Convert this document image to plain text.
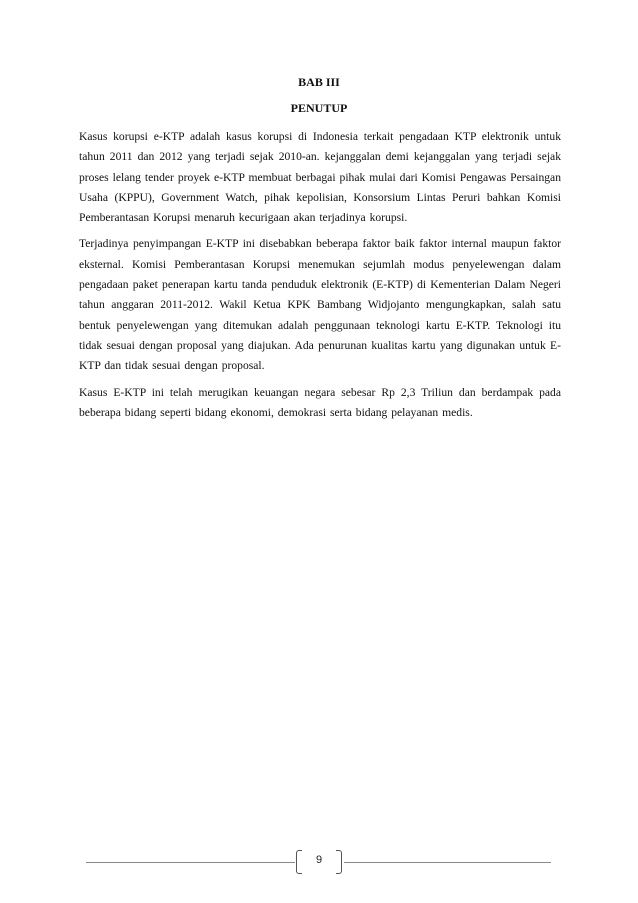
BAB III
PENUTUP

Kasus korupsi e-KTP adalah kasus korupsi di Indonesia terkait pengadaan KTP elektronik untuk tahun 2011 dan 2012 yang terjadi sejak 2010-an. kejanggalan demi kejanggalan yang terjadi sejak proses lelang tender proyek e-KTP membuat berbagai pihak mulai dari Komisi Pengawas Persaingan Usaha (KPPU), Government Watch, pihak kepolisian, Konsorsium Lintas Peruri bahkan Komisi Pemberantasan Korupsi menaruh kecurigaan akan terjadinya korupsi.

Terjadinya penyimpangan E-KTP ini disebabkan beberapa faktor baik faktor internal maupun faktor eksternal. Komisi Pemberantasan Korupsi menemukan sejumlah modus penyelewengan dalam pengadaan paket penerapan kartu tanda penduduk elektronik (E-KTP) di Kementerian Dalam Negeri tahun anggaran 2011-2012. Wakil Ketua KPK Bambang Widjojanto mengungkapkan, salah satu bentuk penyelewengan yang ditemukan adalah penggunaan teknologi kartu E-KTP. Teknologi itu tidak sesuai dengan proposal yang diajukan. Ada penurunan kualitas kartu yang digunakan untuk E-KTP dan tidak sesuai dengan proposal.

Kasus E-KTP ini telah merugikan keuangan negara sebesar Rp 2,3 Triliun dan berdampak pada beberapa bidang seperti bidang ekonomi, demokrasi serta bidang pelayanan medis.

9
